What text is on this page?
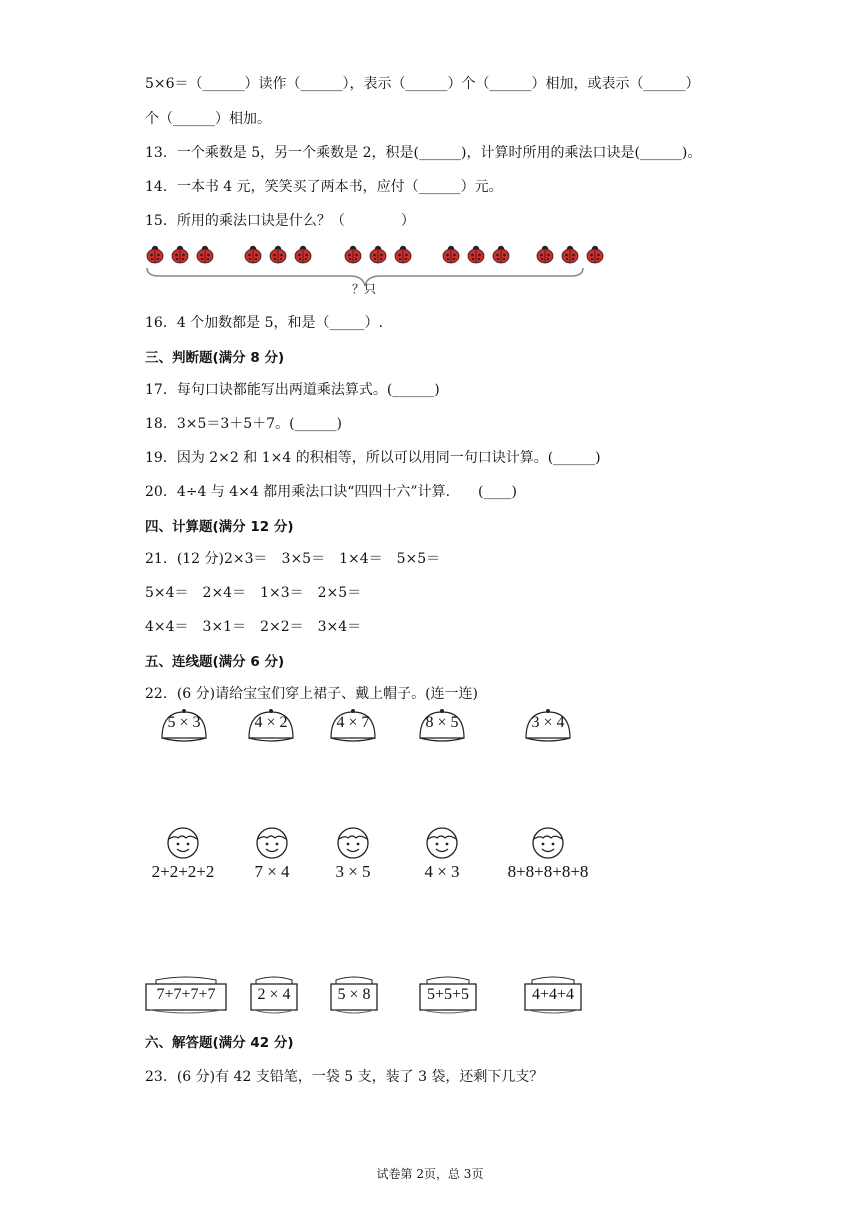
5×6＝（______）读作（______），表示（______）个（______）相加，或表示（______）
个（______）相加。
13．一个乘数是 5，另一个乘数是 2，积是(______)，计算时所用的乘法口诀是(______)。
14．一本书 4 元，笑笑买了两本书，应付（______）元。
15．所用的乘法口诀是什么？（　　　　）
？只
16．4 个加数都是 5，和是（_____）.
三、判断题(满分 8 分)
17．每句口诀都能写出两道乘法算式。(______)
18．3×5＝3＋5＋7。(______)
19．因为 2×2 和 1×4 的积相等，所以可以用同一句口诀计算。(______)
20．4÷4 与 4×4 都用乘法口诀“四四十六”计算.　　(____)
四、计算题(满分 12 分)
21．(12 分)2×3＝　3×5＝　1×4＝　5×5＝
5×4＝　2×4＝　1×3＝　2×5＝
4×4＝　3×1＝　2×2＝　3×4＝
五、连线题(满分 6 分)
22．(6 分)请给宝宝们穿上裙子、戴上帽子。(连一连)
5 × 3	4 × 2	4 × 7	8 × 5	3 × 4
2+2+2+2	7 × 4	3 × 5	4 × 3	8+8+8+8+8
7+7+7+7	2 × 4	5 × 8	5+5+5	4+4+4
六、解答题(满分 42 分)
23．(6 分)有 42 支铅笔，一袋 5 支，装了 3 袋，还剩下几支？
试卷第 2页，总 3页
